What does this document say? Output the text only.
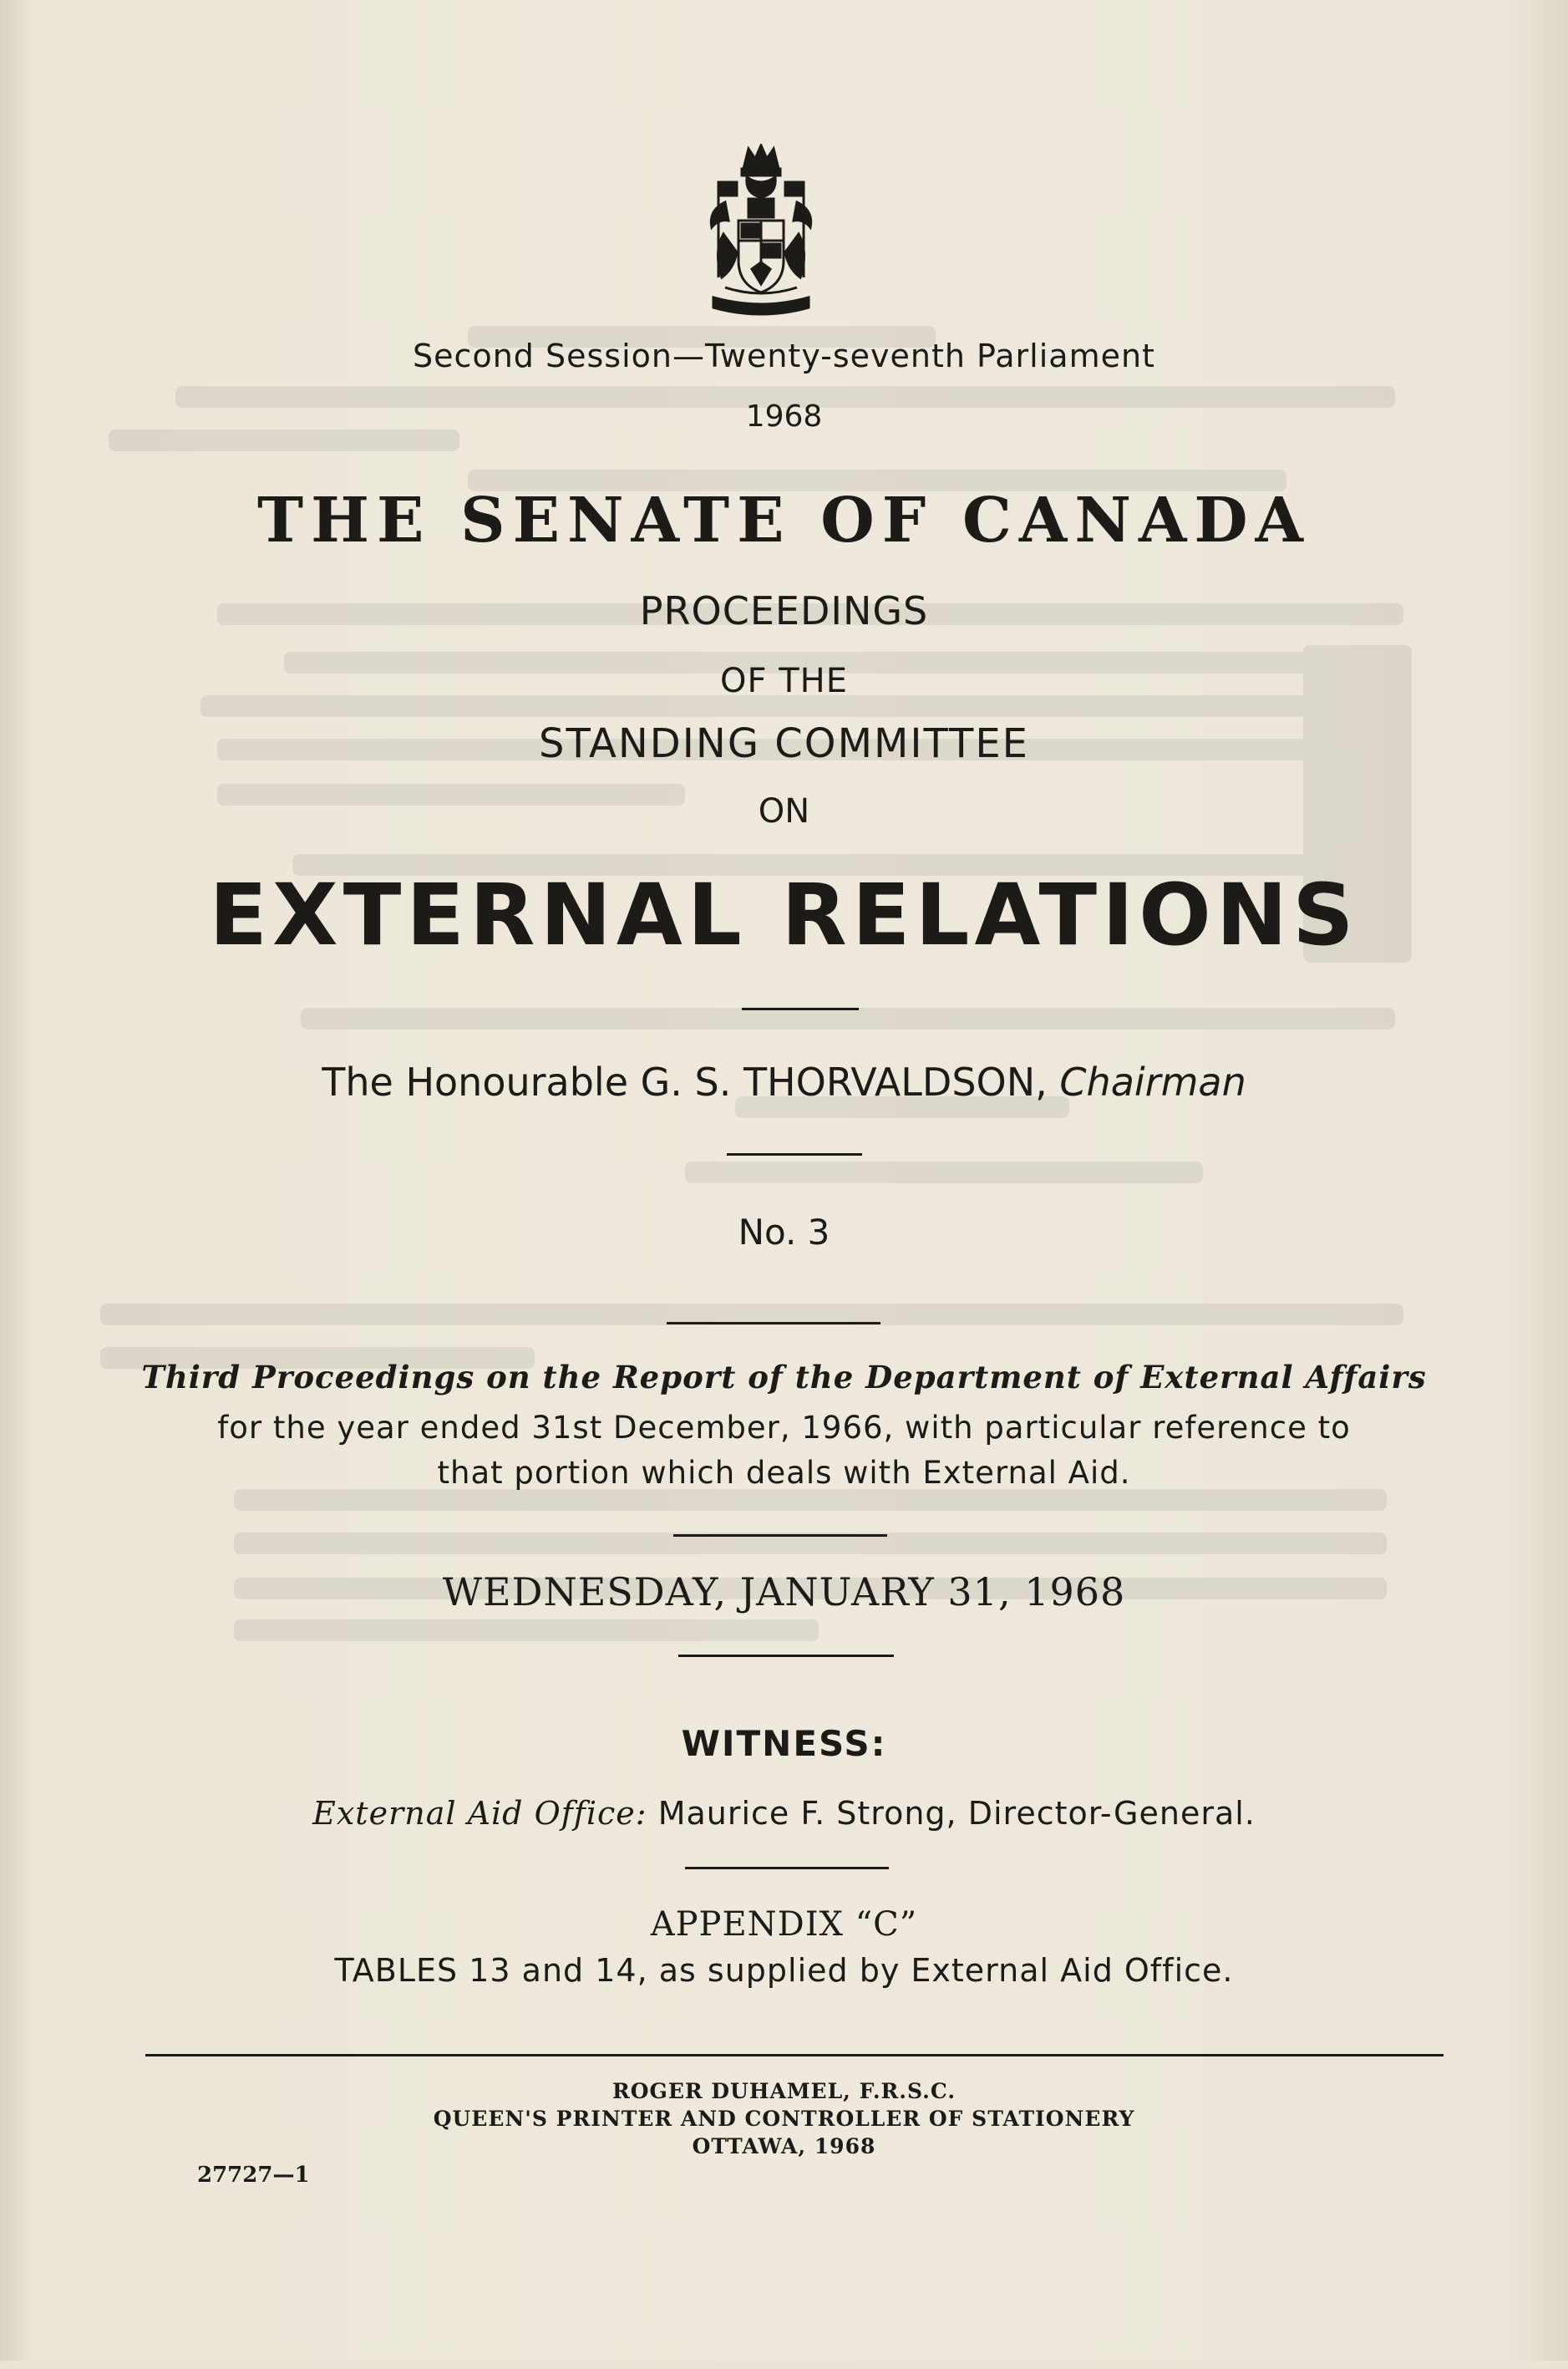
Second Session—Twenty-seventh Parliament
1968
THE SENATE OF CANADA
PROCEEDINGS
OF THE
STANDING COMMITTEE
ON
EXTERNAL RELATIONS
The Honourable G. S. THORVALDSON, Chairman
No. 3
Third Proceedings on the Report of the Department of External Affairs
for the year ended 31st December, 1966, with particular reference to
that portion which deals with External Aid.
WEDNESDAY, JANUARY 31, 1968
WITNESS:
External Aid Office: Maurice F. Strong, Director-General.
APPENDIX “C”
TABLES 13 and 14, as supplied by External Aid Office.
ROGER DUHAMEL, F.R.S.C.
QUEEN'S PRINTER AND CONTROLLER OF STATIONERY
OTTAWA, 1968
27727—1
